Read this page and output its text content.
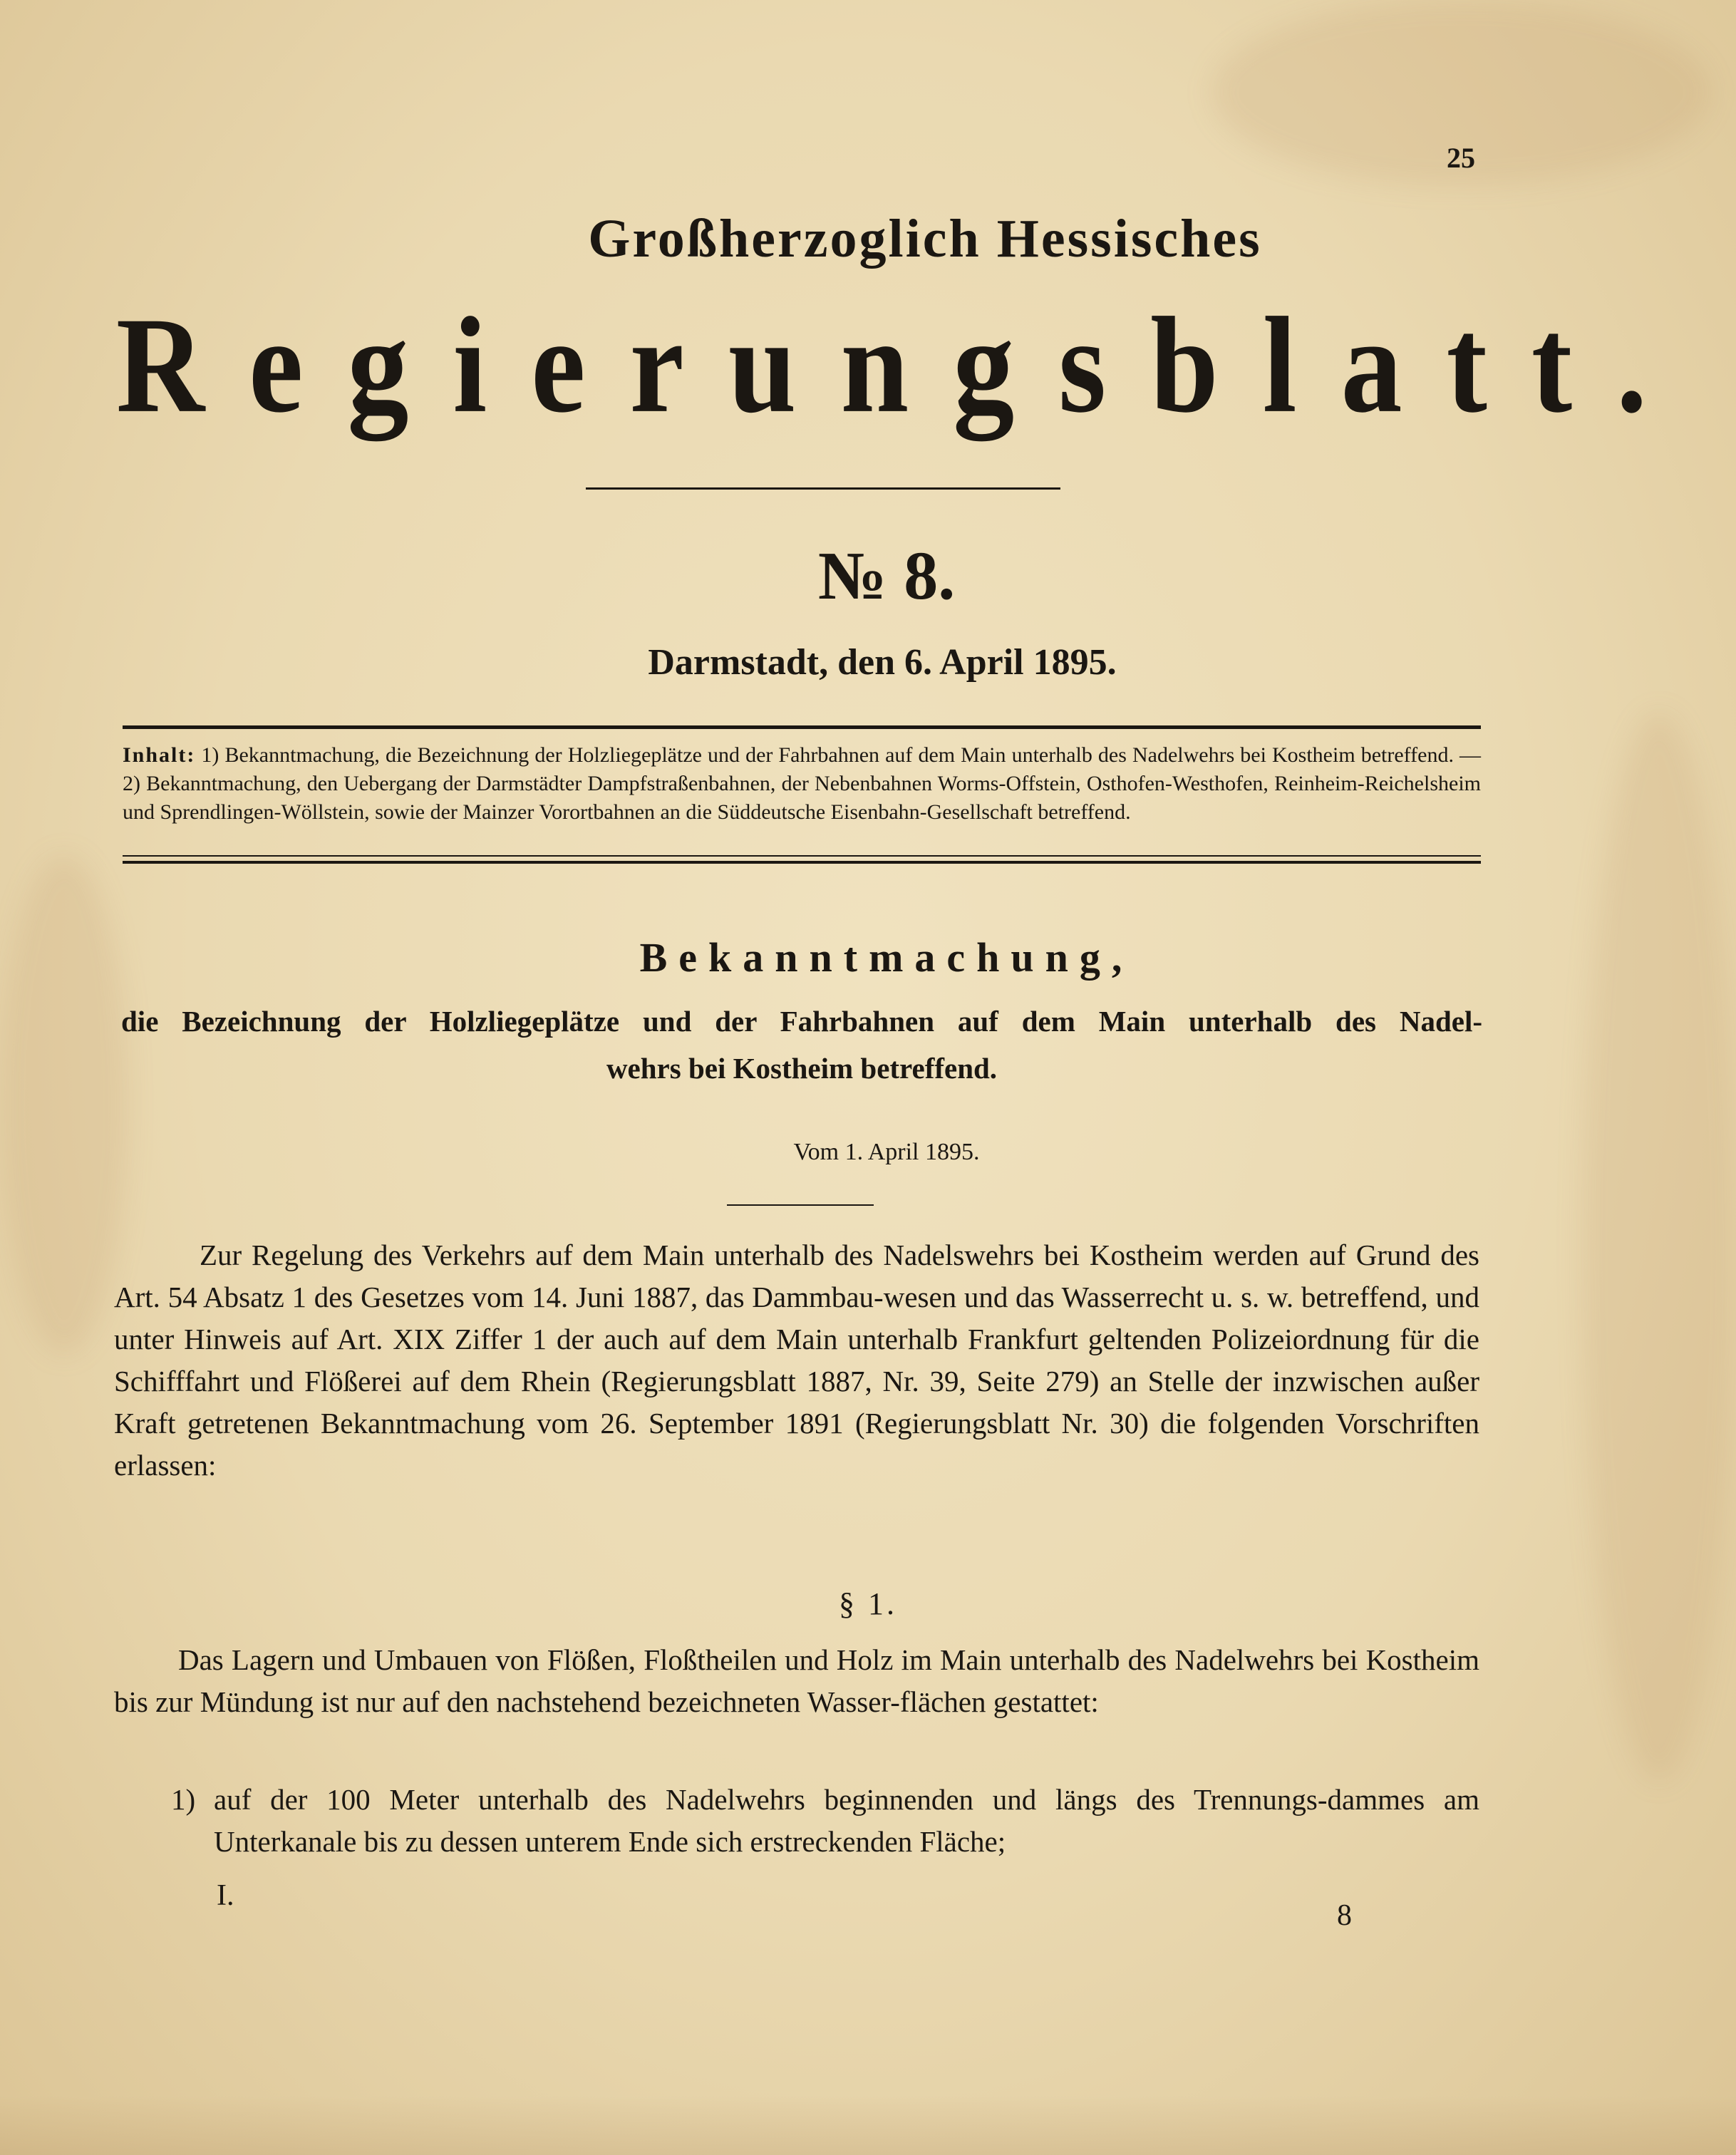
25
Großherzoglich Hessisches
Regierungsblatt.
№ 8.
Darmstadt, den 6. April 1895.
Inhalt: 1) Bekanntmachung, die Bezeichnung der Holzliegeplätze und der Fahrbahnen auf dem Main unterhalb des Nadelwehrs bei Kostheim betreffend. — 2) Bekanntmachung, den Uebergang der Darmstädter Dampfstraßenbahnen, der Nebenbahnen Worms-Offstein, Osthofen-Westhofen, Reinheim-Reichelsheim und Sprendlingen-Wöllstein, sowie der Mainzer Vorortbahnen an die Süddeutsche Eisenbahn-Gesellschaft betreffend.
Bekanntmachung,
die Bezeichnung der Holzliegeplätze und der Fahrbahnen auf dem Main unterhalb des Nadel-
wehrs bei Kostheim betreffend.
Vom 1. April 1895.

Zur Regelung des Verkehrs auf dem Main unterhalb des Nadelswehrs bei Kostheim werden auf Grund des Art. 54 Absatz 1 des Gesetzes vom 14. Juni 1887, das Dammbau-wesen und das Wasserrecht u. s. w. betreffend, und unter Hinweis auf Art. XIX Ziffer 1 der auch auf dem Main unterhalb Frankfurt geltenden Polizeiordnung für die Schifffahrt und Flößerei auf dem Rhein (Regierungsblatt 1887, Nr. 39, Seite 279) an Stelle der inzwischen außer Kraft getretenen Bekanntmachung vom 26. September 1891 (Regierungsblatt Nr. 30) die folgenden Vorschriften erlassen:

§ 1.

Das Lagern und Umbauen von Flößen, Floßtheilen und Holz im Main unterhalb des Nadelwehrs bei Kostheim bis zur Mündung ist nur auf den nachstehend bezeichneten Wasser-flächen gestattet:

1) auf der 100 Meter unterhalb des Nadelwehrs beginnenden und längs des Trennungs-dammes am Unterkanale bis zu dessen unterem Ende sich erstreckenden Fläche;
I.
8
